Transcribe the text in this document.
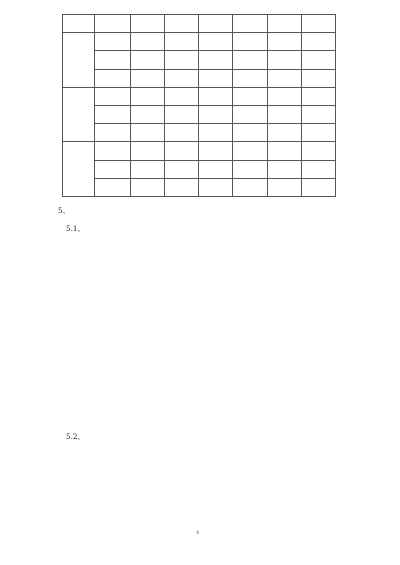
5、
5.1、
5.2、
4
